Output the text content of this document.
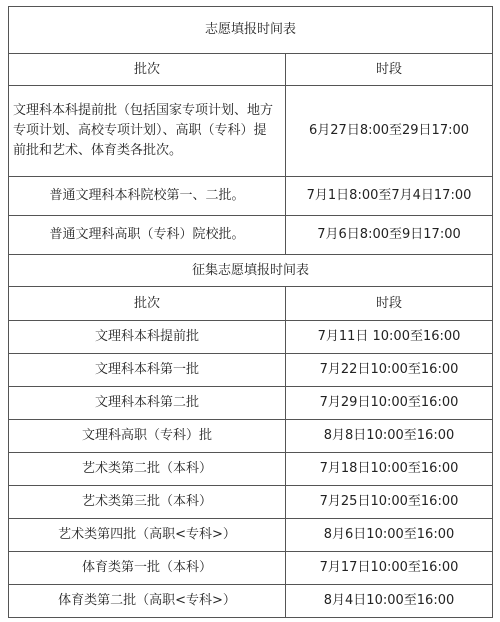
志愿填报时间表	
批次	时段
文理科本科提前批（包括国家专项计划、地方专项计划、高校专项计划）、高职（专科）提前批和艺术、体育类各批次。	6月27日8:00至29日17:00
普通文理科本科院校第一、二批。	7月1日8:00至7月4日17:00
普通文理科高职（专科）院校批。	7月6日8:00至9日17:00
征集志愿填报时间表	
批次	时段
文理科本科提前批	7月11日 10:00至16:00
文理科本科第一批	7月22日10:00至16:00
文理科本科第二批	7月29日10:00至16:00
文理科高职（专科）批	8月8日10:00至16:00
艺术类第二批（本科）	7月18日10:00至16:00
艺术类第三批（本科）	7月25日10:00至16:00
艺术类第四批（高职<专科>）	8月6日10:00至16:00
体育类第一批（本科）	7月17日10:00至16:00
体育类第二批（高职<专科>）	8月4日10:00至16:00
